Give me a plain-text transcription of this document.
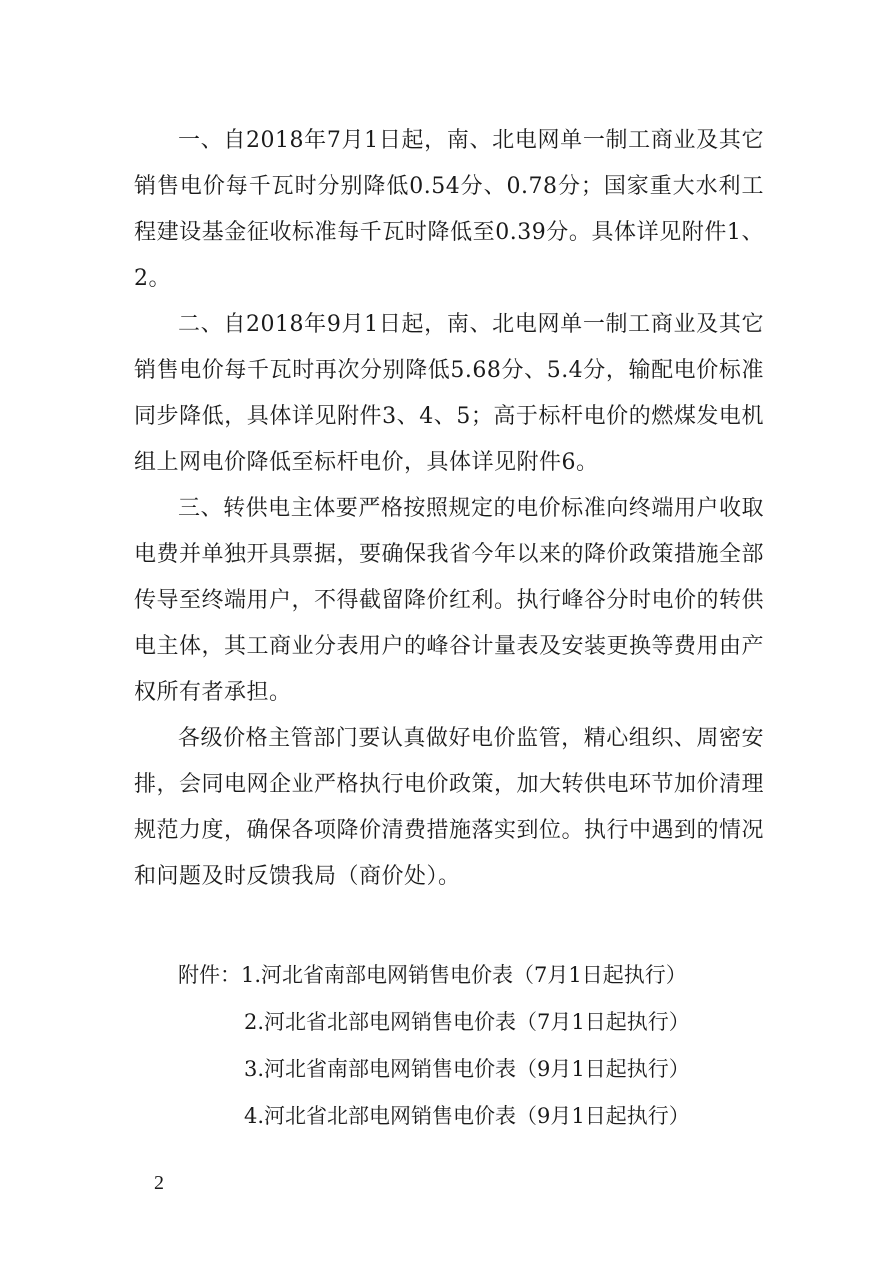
一、自2018年7月1日起，南、北电网单一制工商业及其它销售电价每千瓦时分别降低0.54分、0.78分；国家重大水利工程建设基金征收标准每千瓦时降低至0.39分。具体详见附件1、2。

二、自2018年9月1日起，南、北电网单一制工商业及其它销售电价每千瓦时再次分别降低5.68分、5.4分，输配电价标准同步降低，具体详见附件3、4、5；高于标杆电价的燃煤发电机组上网电价降低至标杆电价，具体详见附件6。

三、转供电主体要严格按照规定的电价标准向终端用户收取电费并单独开具票据，要确保我省今年以来的降价政策措施全部传导至终端用户，不得截留降价红利。执行峰谷分时电价的转供电主体，其工商业分表用户的峰谷计量表及安装更换等费用由产权所有者承担。

各级价格主管部门要认真做好电价监管，精心组织、周密安排，会同电网企业严格执行电价政策，加大转供电环节加价清理规范力度，确保各项降价清费措施落实到位。执行中遇到的情况和问题及时反馈我局（商价处）。

附件： 1.河北省南部电网销售电价表（7月1日起执行）
2.河北省北部电网销售电价表（7月1日起执行）
3.河北省南部电网销售电价表（9月1日起执行）
4.河北省北部电网销售电价表（9月1日起执行）
2
